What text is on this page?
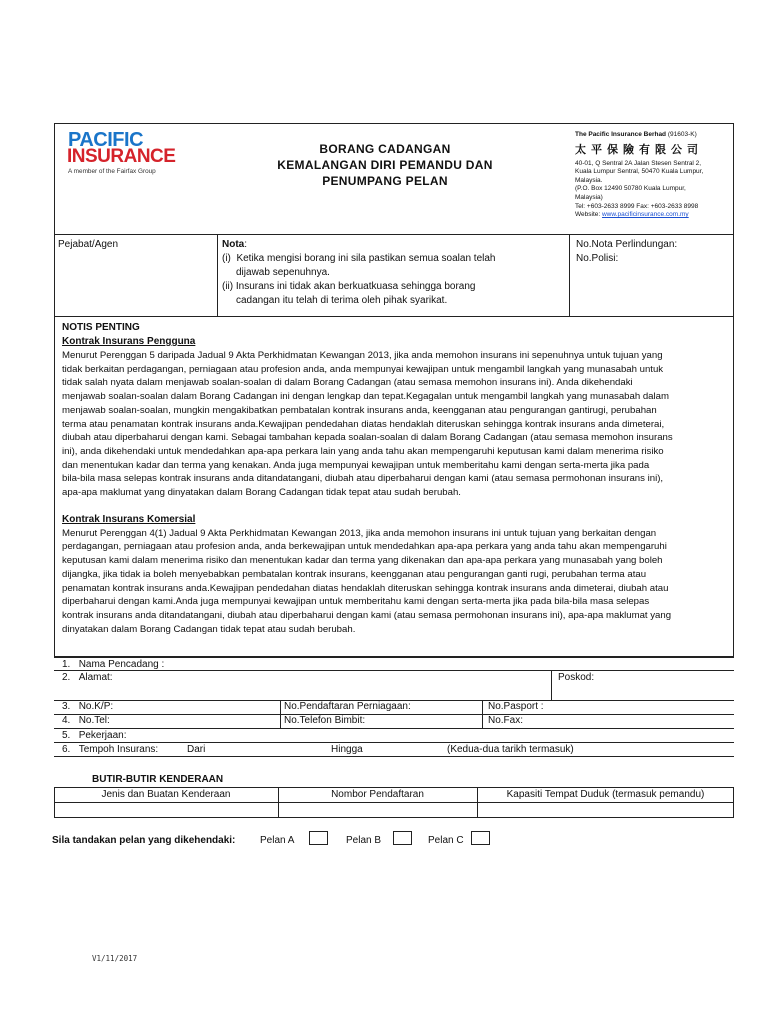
PACIFIC
INSURANCE
A member of the Fairfax Group
BORANG CADANGAN
KEMALANGAN DIRI PEMANDU DAN
PENUMPANG PELAN
The Pacific Insurance Berhad (91603-K)
太平保險有限公司
40-01, Q Sentral 2A Jalan Stesen Sentral 2,
Kuala Lumpur Sentral, 50470 Kuala Lumpur,
Malaysia.
(P.O. Box 12490 50780 Kuala Lumpur,
Malaysia)
Tel: +603-2633 8999 Fax: +603-2633 8998
Website: www.pacificinsurance.com.my
Pejabat/Agen	Nota:
(i) Ketika mengisi borang ini sila pastikan semua soalan telah
dijawab sepenuhnya.
(ii) Insurans ini tidak akan berkuatkuasa sehingga borang
cadangan itu telah di terima oleh pihak syarikat.
No.Nota Perlindungan:
No.Polisi:
NOTIS PENTING
Kontrak Insurans Pengguna
Menurut Perenggan 5 daripada Jadual 9 Akta Perkhidmatan Kewangan 2013, jika anda memohon insurans ini sepenuhnya untuk tujuan yang
tidak berkaitan perdagangan, perniagaan atau profesion anda, anda mempunyai kewajipan untuk mengambil langkah yang munasabah untuk
tidak salah nyata dalam menjawab soalan-soalan di dalam Borang Cadangan (atau semasa memohon insurans ini). Anda dikehendaki
menjawab soalan-soalan dalam Borang Cadangan ini dengan lengkap dan tepat.Kegagalan untuk mengambil langkah yang munasabah dalam
menjawab soalan-soalan, mungkin mengakibatkan pembatalan kontrak insurans anda, keengganan atau pengurangan gantirugi, perubahan
terma atau penamatan kontrak insurans anda.Kewajipan pendedahan diatas hendaklah diteruskan sehingga kontrak insurans anda dimeterai,
diubah atau diperbaharui dengan kami. Sebagai tambahan kepada soalan-soalan di dalam Borang Cadangan (atau semasa memohon insurans
ini), anda dikehendaki untuk mendedahkan apa-apa perkara lain yang anda tahu akan mempengaruhi keputusan kami dalam menerima risiko
dan menentukan kadar dan terma yang kenakan. Anda juga mempunyai kewajipan untuk memberitahu kami dengan serta-merta jika pada
bila-bila masa selepas kontrak insurans anda ditandatangani, diubah atau diperbaharui dengan kami (atau semasa permohonan insurans ini),
apa-apa maklumat yang dinyatakan dalam Borang Cadangan tidak tepat atau sudah berubah.
Kontrak Insurans Komersial
Menurut Perenggan 4(1) Jadual 9 Akta Perkhidmatan Kewangan 2013, jika anda memohon insurans ini untuk tujuan yang berkaitan dengan
perdagangan, perniagaan atau profesion anda, anda berkewajipan untuk mendedahkan apa-apa perkara yang anda tahu akan mempengaruhi
keputusan kami dalam menerima risiko dan menentukan kadar dan terma yang dikenakan dan apa-apa perkara yang munasabah yang boleh
dijangka, jika tidak ia boleh menyebabkan pembatalan kontrak insurans, keengganan atau pengurangan ganti rugi, perubahan terma atau
penamatan kontrak insurans anda.Kewajipan pendedahan diatas hendaklah diteruskan sehingga kontrak insurans anda dimeterai, diubah atau
diperbaharui dengan kami.Anda juga mempunyai kewajipan untuk memberitahu kami dengan serta-merta jika pada bila-bila masa selepas
kontrak insurans anda ditandatangani, diubah atau diperbaharui dengan kami (atau semasa permohonan insurans ini), apa-apa maklumat yang
dinyatakan dalam Borang Cadangan tidak tepat atau sudah berubah.
1. Nama Pencadang :
2. Alamat:	Poskod:
3. No.K/P:	No.Pendaftaran Perniagaan:	No.Pasport :
4. No.Tel:	No.Telefon Bimbit:	No.Fax:
5. Pekerjaan:
6. Tempoh Insurans:	Dari	Hingga	(Kedua-dua tarikh termasuk)
BUTIR-BUTIR KENDERAAN
Jenis dan Buatan Kenderaan	Nombor Pendaftaran	Kapasiti Tempat Duduk (termasuk pemandu)
Sila tandakan pelan yang dikehendaki: Pelan A	Pelan B	Pelan C
V1/11/2017
